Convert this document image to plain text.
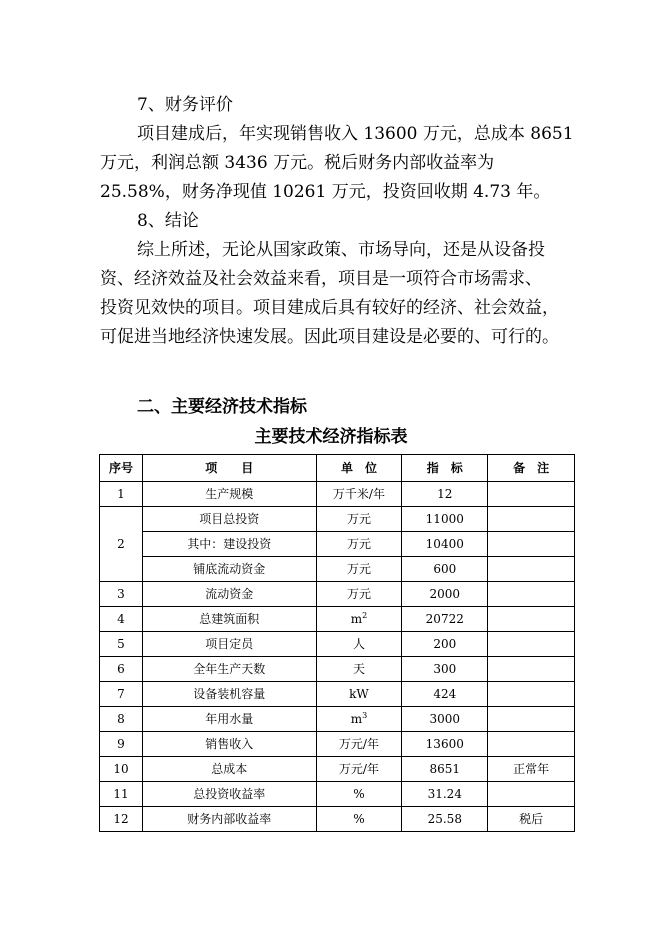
7、财务评价
项目建成后，年实现销售收入 13600 万元，总成本 8651
万元，利润总额 3436 万元。税后财务内部收益率为
25.58%，财务净现值 10261 万元，投资回收期 4.73 年。
8、结论
综上所述，无论从国家政策、市场导向，还是从设备投
资、经济效益及社会效益来看，项目是一项符合市场需求、
投资见效快的项目。项目建成后具有较好的经济、社会效益，
可促进当地经济快速发展。因此项目建设是必要的、可行的。
二、主要经济技术指标
主要技术经济指标表
序号	项　　目	单　位	指　标	备　注
1	生产规模	万千米/年	12	
2	项目总投资	万元	11000	
	其中：建设投资	万元	10400	
	铺底流动资金	万元	600	
3	流动资金	万元	2000	
4	总建筑面积	$m^2$	20722	
5	项目定员	人	200	
6	全年生产天数	天	300	
7	设备装机容量	kW	424	
8	年用水量	$m^3$	3000	
9	销售收入	万元/年	13600	
10	总成本	万元/年	8651	正常年
11	总投资收益率	%	31.24	
12	财务内部收益率	%	25.58	税后
